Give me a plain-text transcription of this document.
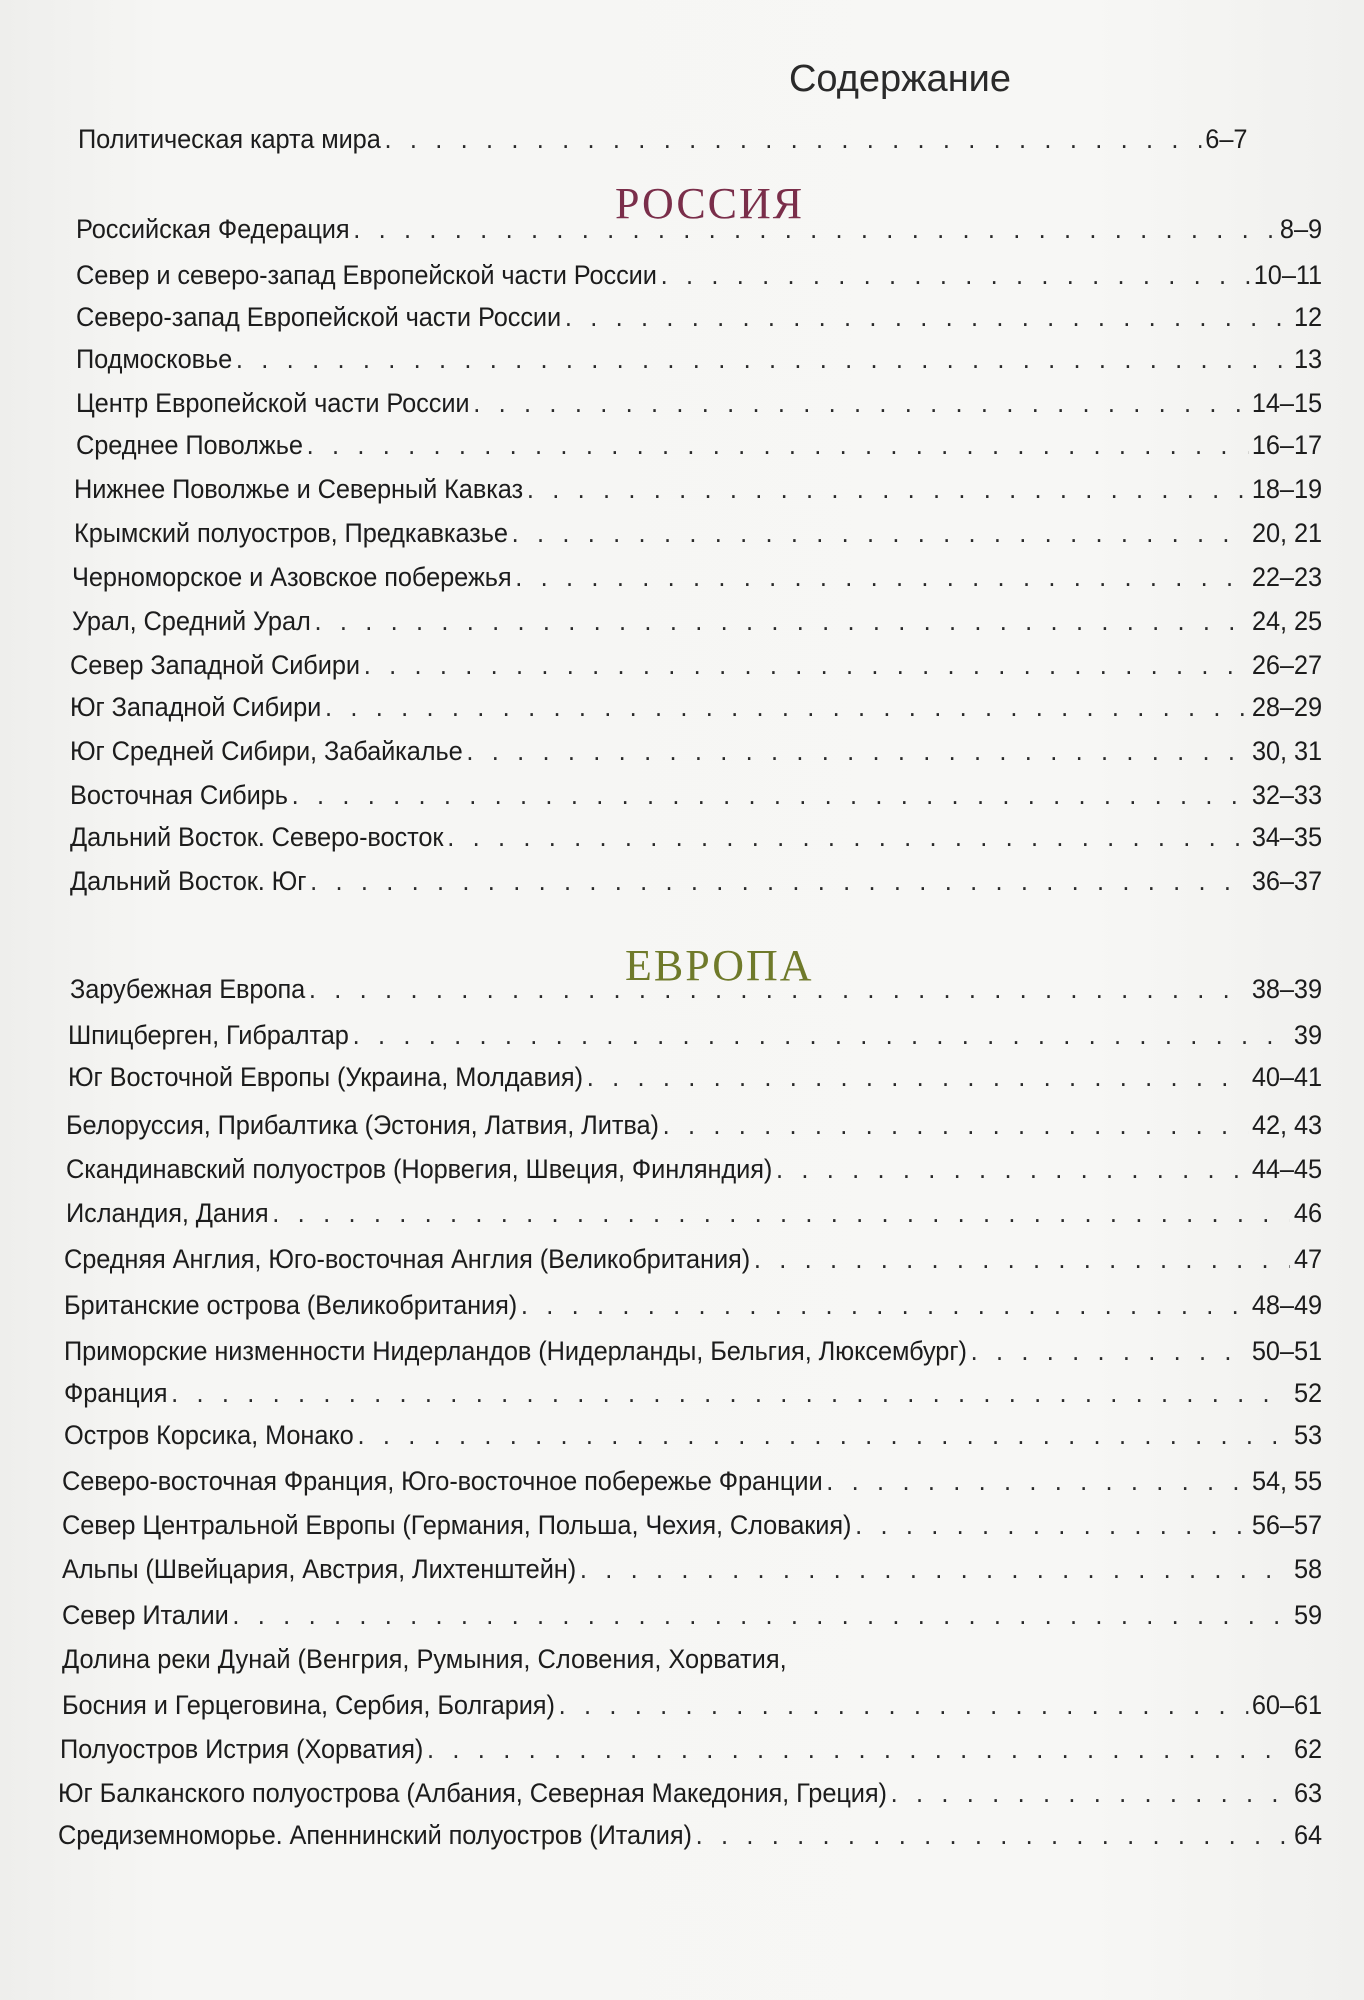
Содержание
Политическая карта мира . . .	6–7
РОССИЯ
Российская Федерация . . .	8–9
Север и северо-запад Европейской части России . . .	10–11
Северо-запад Европейской части России . . .	12
Подмосковье . . .	13
Центр Европейской части России . . .	14–15
Среднее Поволжье . . .	16–17
Нижнее Поволжье и Северный Кавказ . . .	18–19
Крымский полуостров, Предкавказье . . .	20, 21
Черноморское и Азовское побережья . . .	22–23
Урал, Средний Урал . . .	24, 25
Север Западной Сибири . . .	26–27
Юг Западной Сибири . . .	28–29
Юг Средней Сибири, Забайкалье . . .	30, 31
Восточная Сибирь . . .	32–33
Дальний Восток. Северо-восток . . .	34–35
Дальний Восток. Юг . . .	36–37
ЕВРОПА
Зарубежная Европа . . .	38–39
Шпицберген, Гибралтар . . .	39
Юг Восточной Европы (Украина, Молдавия) . . .	40–41
Белоруссия, Прибалтика (Эстония, Латвия, Литва) . . .	42, 43
Скандинавский полуостров (Норвегия, Швеция, Финляндия) . . .	44–45
Исландия, Дания . . .	46
Средняя Англия, Юго-восточная Англия (Великобритания) . . .	47
Британские острова (Великобритания) . . .	48–49
Приморские низменности Нидерландов (Нидерланды, Бельгия, Люксембург) . . .	50–51
Франция . . .	52
Остров Корсика, Монако . . .	53
Северо-восточная Франция, Юго-восточное побережье Франции . . .	54, 55
Север Центральной Европы (Германия, Польша, Чехия, Словакия) . . .	56–57
Альпы (Швейцария, Австрия, Лихтенштейн) . . .	58
Север Италии . . .	59
Долина реки Дунай (Венгрия, Румыния, Словения, Хорватия,
Босния и Герцеговина, Сербия, Болгария) . . .	60–61
Полуостров Истрия (Хорватия) . . .	62
Юг Балканского полуострова (Албания, Северная Македония, Греция) . . .	63
Средиземноморье. Апеннинский полуостров (Италия) . . .	64
